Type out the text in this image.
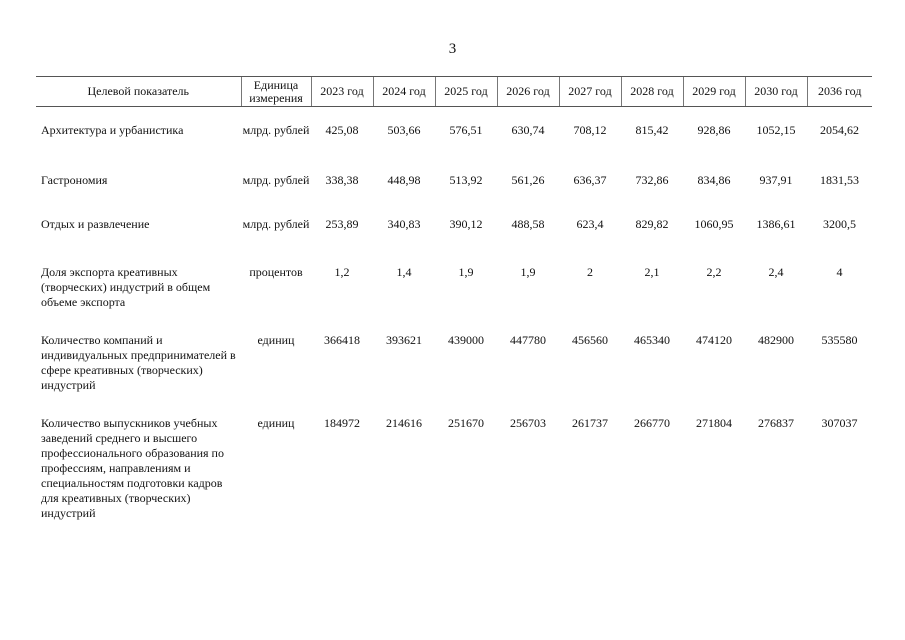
3
Целевой показатель	Единица измерения	2023 год	2024 год	2025 год	2026 год	2027 год	2028 год	2029 год	2030 год	2036 год
Архитектура и урбанистика	млрд. рублей	425,08	503,66	576,51	630,74	708,12	815,42	928,86	1052,15	2054,62
Гастрономия	млрд. рублей	338,38	448,98	513,92	561,26	636,37	732,86	834,86	937,91	1831,53
Отдых и развлечение	млрд. рублей	253,89	340,83	390,12	488,58	623,4	829,82	1060,95	1386,61	3200,5
Доля экспорта креативных (творческих) индустрий в общем объеме экспорта	процентов	1,2	1,4	1,9	1,9	2	2,1	2,2	2,4	4
Количество компаний и индивидуальных предпринимателей в сфере креативных (творческих) индустрий	единиц	366418	393621	439000	447780	456560	465340	474120	482900	535580
Количество выпускников учебных заведений среднего и высшего профессионального образования по профессиям, направлениям и специальностям подготовки кадров для креативных (творческих) индустрий	единиц	184972	214616	251670	256703	261737	266770	271804	276837	307037
